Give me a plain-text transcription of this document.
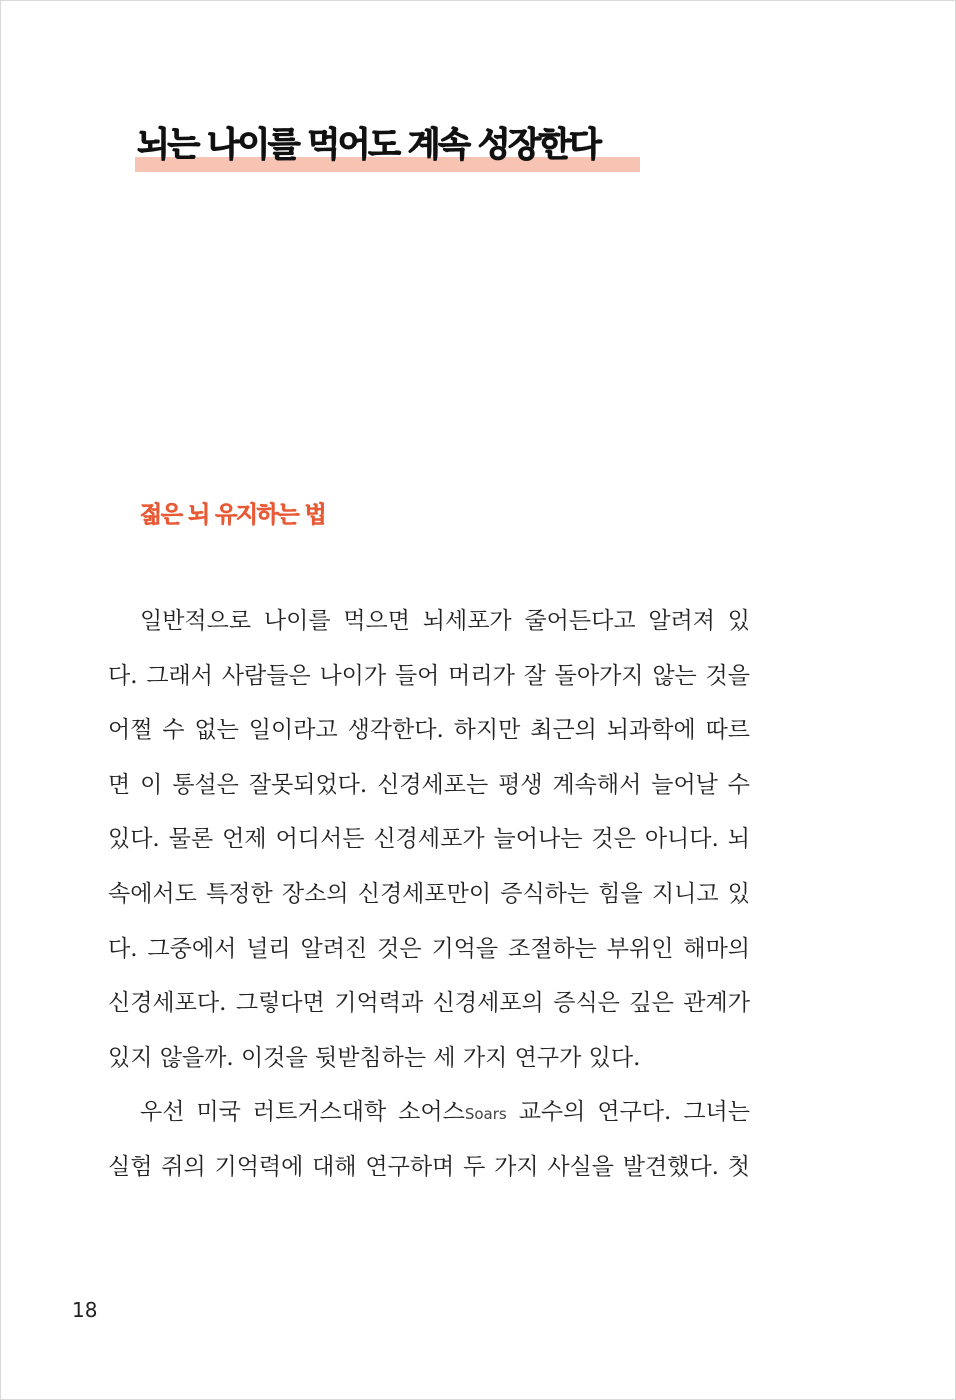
뇌는 나이를 먹어도 계속 성장한다
젊은 뇌 유지하는 법
일반적으로 나이를 먹으면 뇌세포가 줄어든다고 알려져 있
다. 그래서 사람들은 나이가 들어 머리가 잘 돌아가지 않는 것을
어쩔 수 없는 일이라고 생각한다. 하지만 최근의 뇌과학에 따르
면 이 통설은 잘못되었다. 신경세포는 평생 계속해서 늘어날 수
있다. 물론 언제 어디서든 신경세포가 늘어나는 것은 아니다. 뇌
속에서도 특정한 장소의 신경세포만이 증식하는 힘을 지니고 있
다. 그중에서 널리 알려진 것은 기억을 조절하는 부위인 해마의
신경세포다. 그렇다면 기억력과 신경세포의 증식은 깊은 관계가
있지 않을까. 이것을 뒷받침하는 세 가지 연구가 있다.
우선 미국 러트거스대학 소어스Soars 교수의 연구다. 그녀는
실험 쥐의 기억력에 대해 연구하며 두 가지 사실을 발견했다. 첫
18
